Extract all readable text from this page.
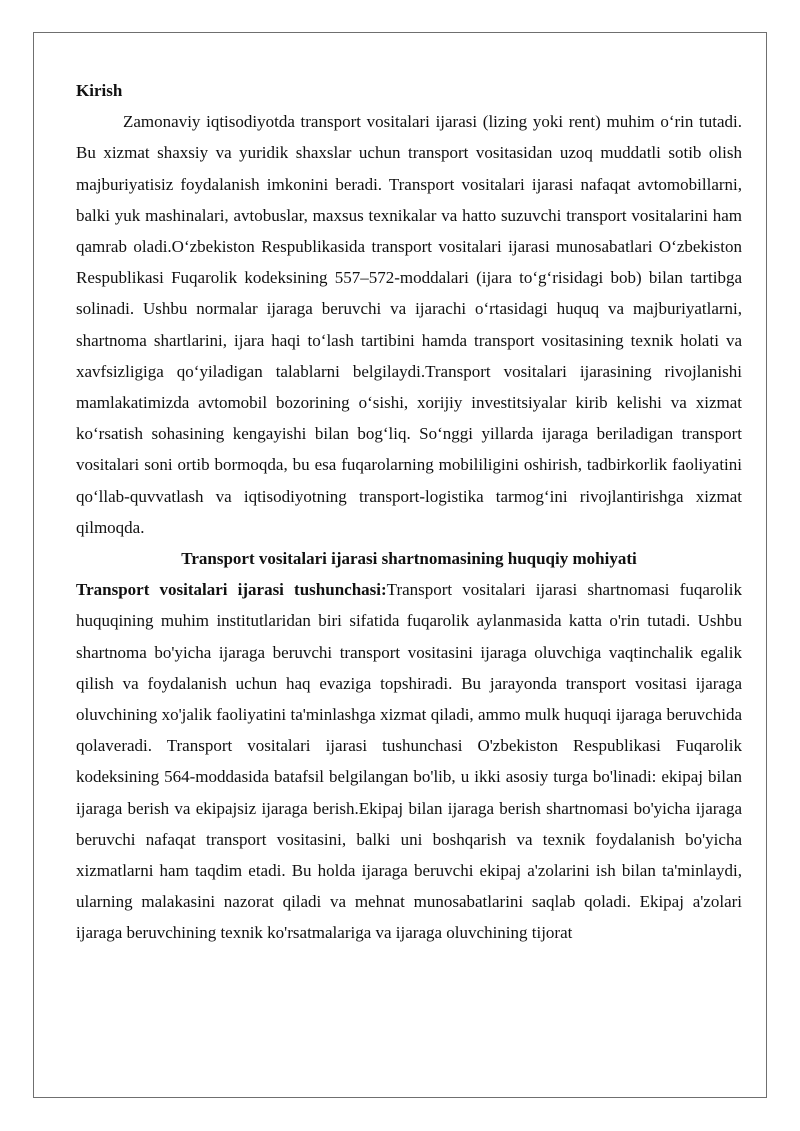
Kirish

Zamonaviy iqtisodiyotda transport vositalari ijarasi (lizing yoki rent) muhim o‘rin tutadi. Bu xizmat shaxsiy va yuridik shaxslar uchun transport vositasidan uzoq muddatli sotib olish majburiyatisiz foydalanish imkonini beradi. Transport vositalari ijarasi nafaqat avtomobillarni, balki yuk mashinalari, avtobuslar, maxsus texnikalar va hatto suzuvchi transport vositalarini ham qamrab oladi.O‘zbekiston Respublikasida transport vositalari ijarasi munosabatlari O‘zbekiston Respublikasi Fuqarolik kodeksining 557–572-moddalari (ijara to‘g‘risidagi bob) bilan tartibga solinadi. Ushbu normalar ijaraga beruvchi va ijarachi o‘rtasidagi huquq va majburiyatlarni, shartnoma shartlarini, ijara haqi to‘lash tartibini hamda transport vositasining texnik holati va xavfsizligiga qo‘yiladigan talablarni belgilaydi.Transport vositalari ijarasining rivojlanishi mamlakatimizda avtomobil bozorining o‘sishi, xorijiy investitsiyalar kirib kelishi va xizmat ko‘rsatish sohasining kengayishi bilan bog‘liq. So‘nggi yillarda ijaraga beriladigan transport vositalari soni ortib bormoqda, bu esa fuqarolarning mobililigini oshirish, tadbirkorlik faoliyatini qo‘llab-quvvatlash va iqtisodiyotning transport-logistika tarmog‘ini rivojlantirishga xizmat qilmoqda.

Transport vositalari ijarasi shartnomasining huquqiy mohiyati

Transport vositalari ijarasi tushunchasi:Transport vositalari ijarasi shartnomasi fuqarolik huquqining muhim institutlaridan biri sifatida fuqarolik aylanmasida katta o'rin tutadi. Ushbu shartnoma bo'yicha ijaraga beruvchi transport vositasini ijaraga oluvchiga vaqtinchalik egalik qilish va foydalanish uchun haq evaziga topshiradi. Bu jarayonda transport vositasi ijaraga oluvchining xo'jalik faoliyatini ta'minlashga xizmat qiladi, ammo mulk huquqi ijaraga beruvchida qolaveradi. Transport vositalari ijarasi tushunchasi O'zbekiston Respublikasi Fuqarolik kodeksining 564-moddasida batafsil belgilangan bo'lib, u ikki asosiy turga bo'linadi: ekipaj bilan ijaraga berish va ekipajsiz ijaraga berish.Ekipaj bilan ijaraga berish shartnomasi bo'yicha ijaraga beruvchi nafaqat transport vositasini, balki uni boshqarish va texnik foydalanish bo'yicha xizmatlarni ham taqdim etadi. Bu holda ijaraga beruvchi ekipaj a'zolarini ish bilan ta'minlaydi, ularning malakasini nazorat qiladi va mehnat munosabatlarini saqlab qoladi. Ekipaj a'zolari ijaraga beruvchining texnik ko'rsatmalariga va ijaraga oluvchining tijorat
